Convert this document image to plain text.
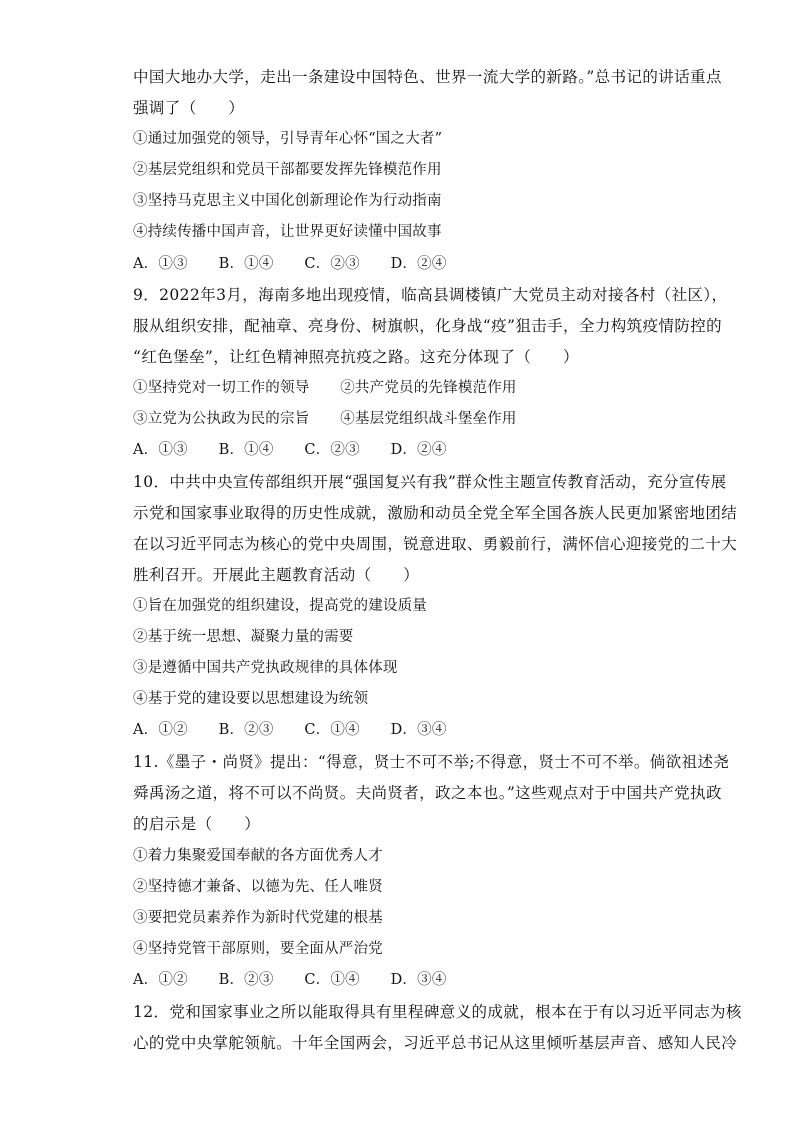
中国大地办大学，走出一条建设中国特色、世界一流大学的新路。”总书记的讲话重点
强调了（　　）
①通过加强党的领导，引导青年心怀“国之大者”
②基层党组织和党员干部都要发挥先锋模范作用
③坚持马克思主义中国化创新理论作为行动指南
④持续传播中国声音，让世界更好读懂中国故事
A．①③ B．①④ C．②③ D．②④
9．2022年3月，海南多地出现疫情，临高县调楼镇广大党员主动对接各村（社区），
服从组织安排，配袖章、亮身份、树旗帜，化身战“疫”狙击手，全力构筑疫情防控的
“红色堡垒”，让红色精神照亮抗疫之路。这充分体现了（　　）
①坚持党对一切工作的领导 ②共产党员的先锋模范作用
③立党为公执政为民的宗旨 ④基层党组织战斗堡垒作用
A．①③ B．①④ C．②③ D．②④
10．中共中央宣传部组织开展“强国复兴有我”群众性主题宣传教育活动，充分宣传展
示党和国家事业取得的历史性成就，激励和动员全党全军全国各族人民更加紧密地团结
在以习近平同志为核心的党中央周围，锐意进取、勇毅前行，满怀信心迎接党的二十大
胜利召开。开展此主题教育活动（　　）
①旨在加强党的组织建设，提高党的建设质量
②基于统一思想、凝聚力量的需要
③是遵循中国共产党执政规律的具体体现
④基于党的建设要以思想建设为统领
A．①② B．②③ C．①④ D．③④
11.《墨子・尚贤》提出：“得意，贤士不可不举;不得意，贤士不可不举。倘欲祖述尧
舜禹汤之道，将不可以不尚贤。夫尚贤者，政之本也。”这些观点对于中国共产党执政
的启示是（　　）
①着力集聚爱国奉献的各方面优秀人才
②坚持德才兼备、以德为先、任人唯贤
③要把党员素养作为新时代党建的根基
④坚持党管干部原则，要全面从严治党
A．①② B．②③ C．①④ D．③④
12．党和国家事业之所以能取得具有里程碑意义的成就，根本在于有以习近平同志为核
心的党中央掌舵领航。十年全国两会，习近平总书记从这里倾听基层声音、感知人民冷
